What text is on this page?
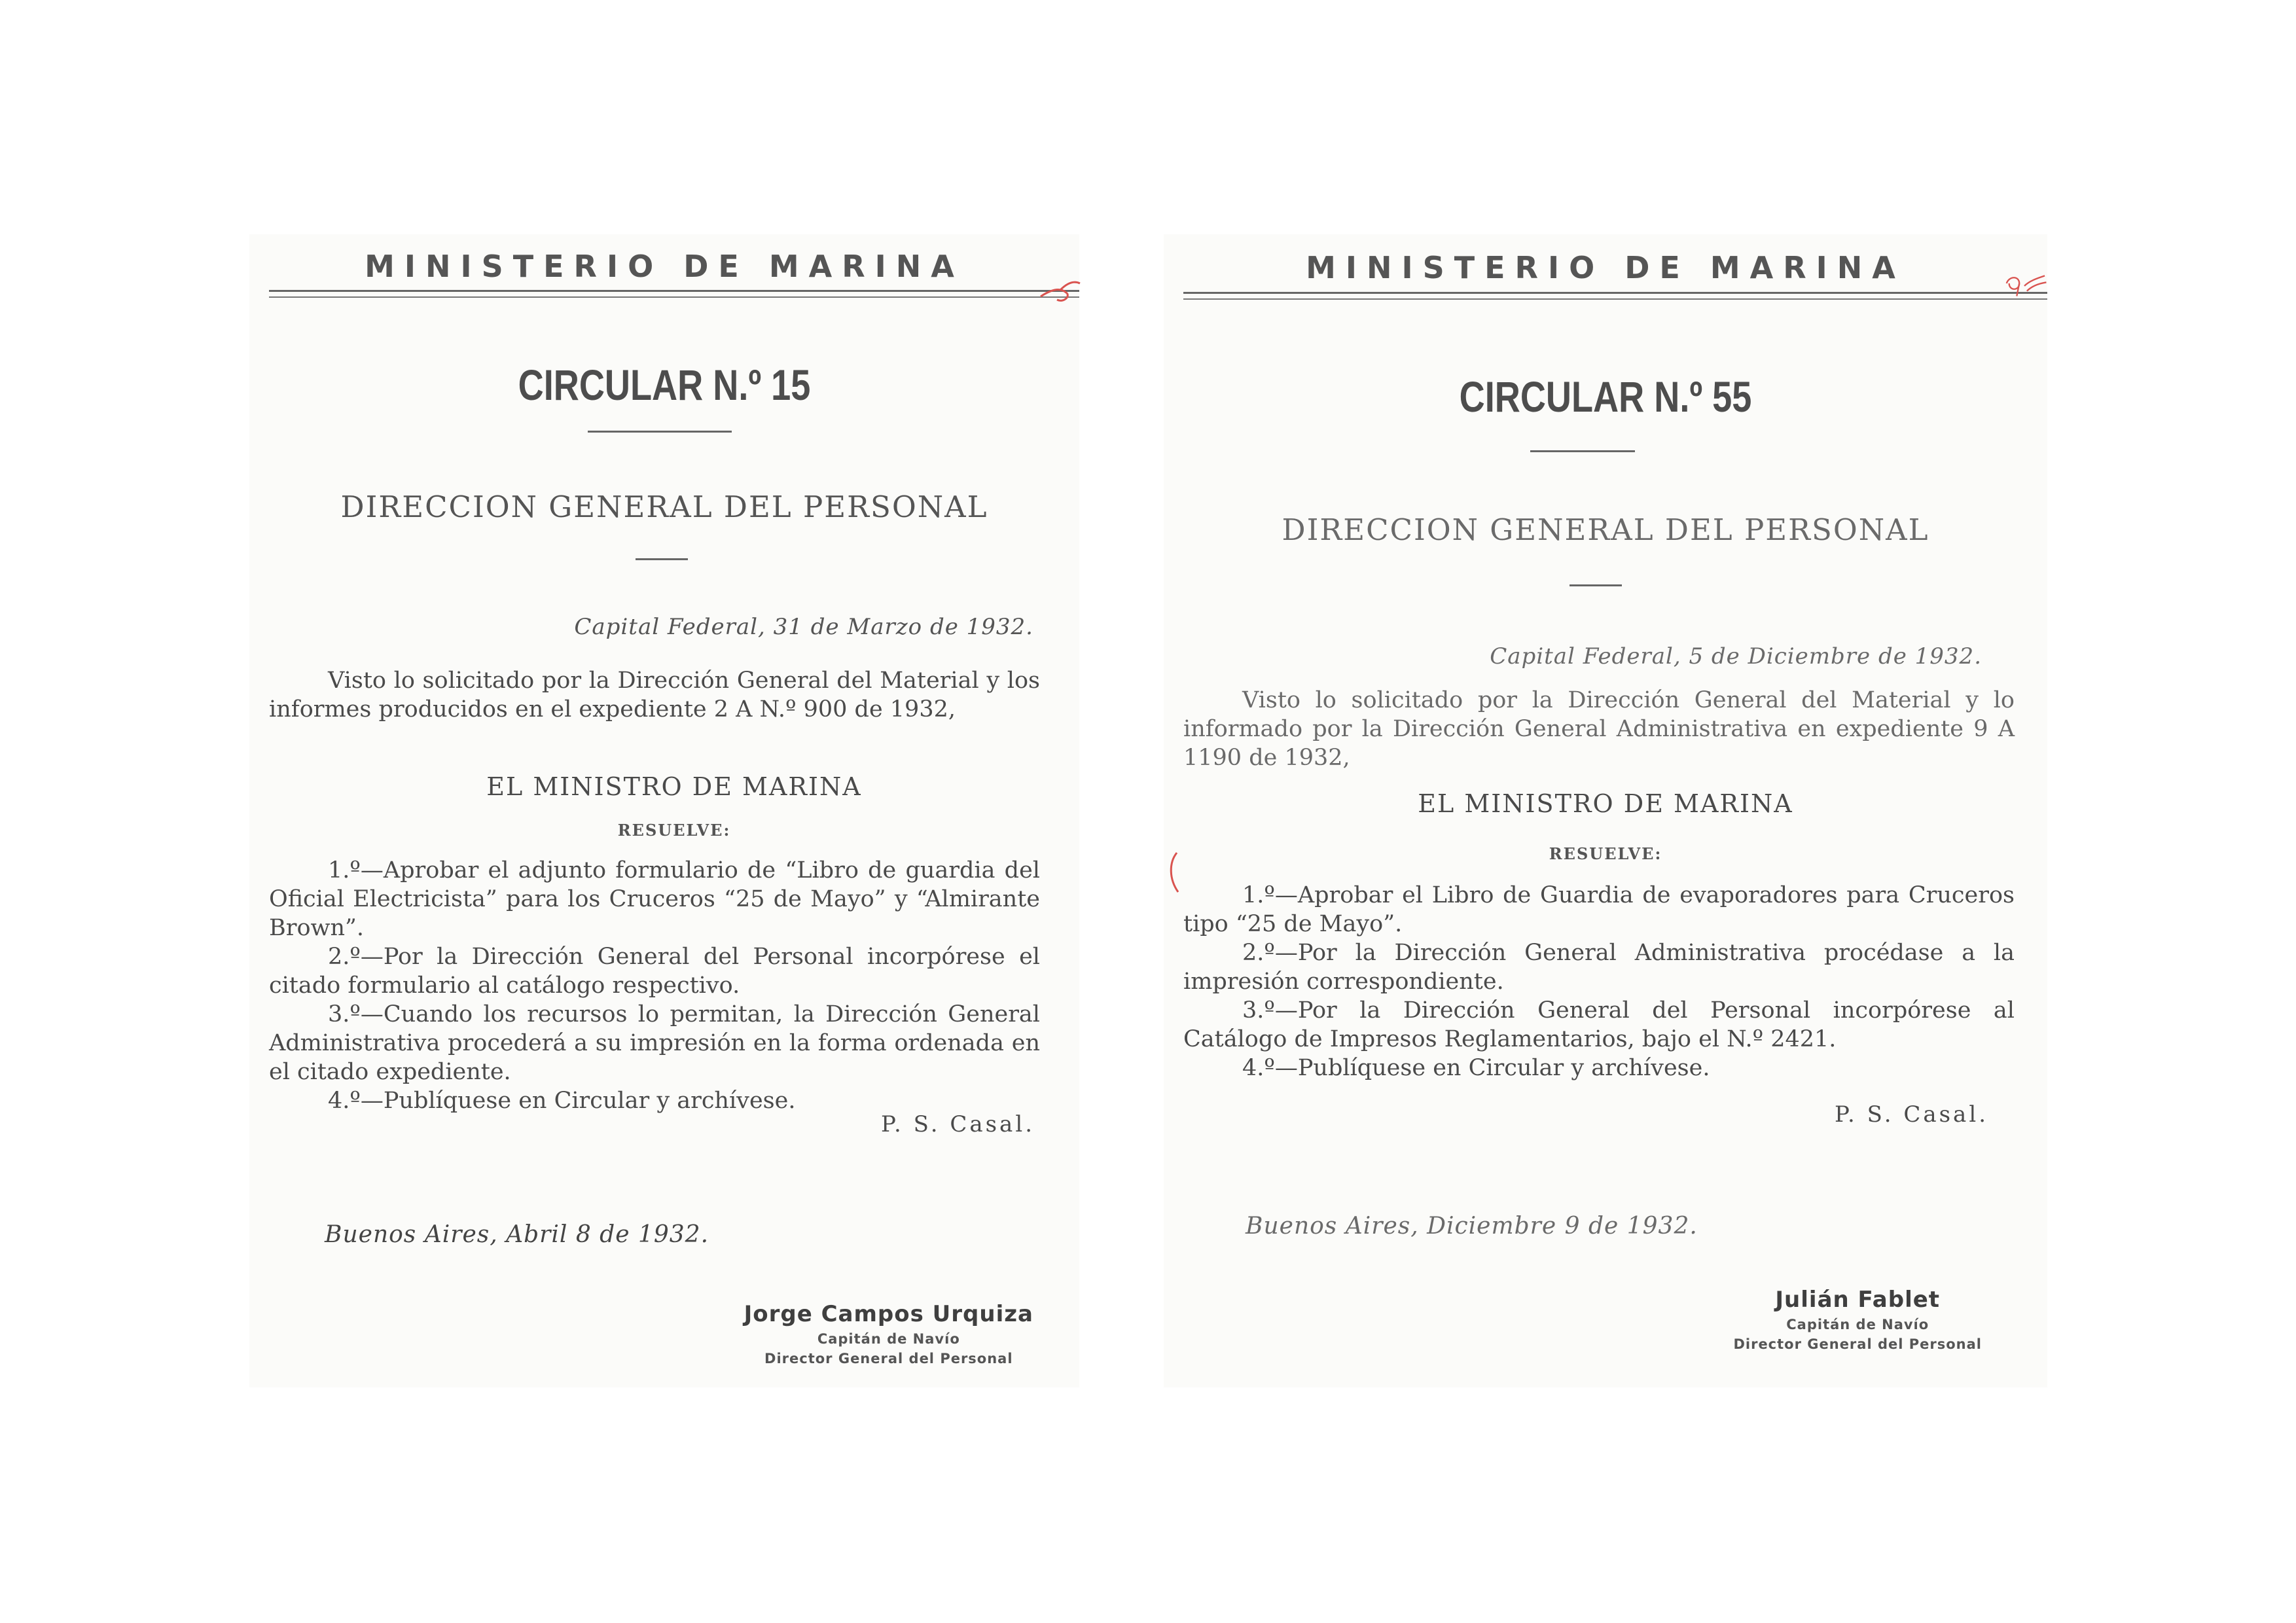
MINISTERIO DE MARINA
CIRCULAR N.º 15
DIRECCION GENERAL DEL PERSONAL
Capital Federal, 31 de Marzo de 1932.

Visto lo solicitado por la Dirección General del Material y los informes producidos en el expediente 2 A N.º 900 de 1932,

EL MINISTRO DE MARINA
RESUELVE:

1.º—Aprobar el adjunto formulario de “Libro de guardia del Oficial Electricista” para los Cruceros “25 de Mayo” y “Almirante Brown”.

2.º—Por la Dirección General del Personal incorpórese el citado formulario al catálogo respectivo.

3.º—Cuando los recursos lo permitan, la Dirección General Administrativa procederá a su impresión en la forma ordenada en el citado expediente.

4.º—Publíquese en Circular y archívese.

P. S. Casal.
Buenos Aires, Abril 8 de 1932.
Jorge Campos Urquiza
Capitán de Navío
Director General del Personal
MINISTERIO DE MARINA
CIRCULAR N.º 55
DIRECCION GENERAL DEL PERSONAL
Capital Federal, 5 de Diciembre de 1932.

Visto lo solicitado por la Dirección General del Material y lo informado por la Dirección General Administrativa en expediente 9 A 1190 de 1932,

EL MINISTRO DE MARINA
RESUELVE:

1.º—Aprobar el Libro de Guardia de evaporadores para Cruceros tipo “25 de Mayo”.

2.º—Por la Dirección General Administrativa procédase a la impresión correspondiente.

3.º—Por la Dirección General del Personal incorpórese al Catálogo de Impresos Reglamentarios, bajo el N.º 2421.

4.º—Publíquese en Circular y archívese.

P. S. Casal.
Buenos Aires, Diciembre 9 de 1932.
Julián Fablet
Capitán de Navío
Director General del Personal
